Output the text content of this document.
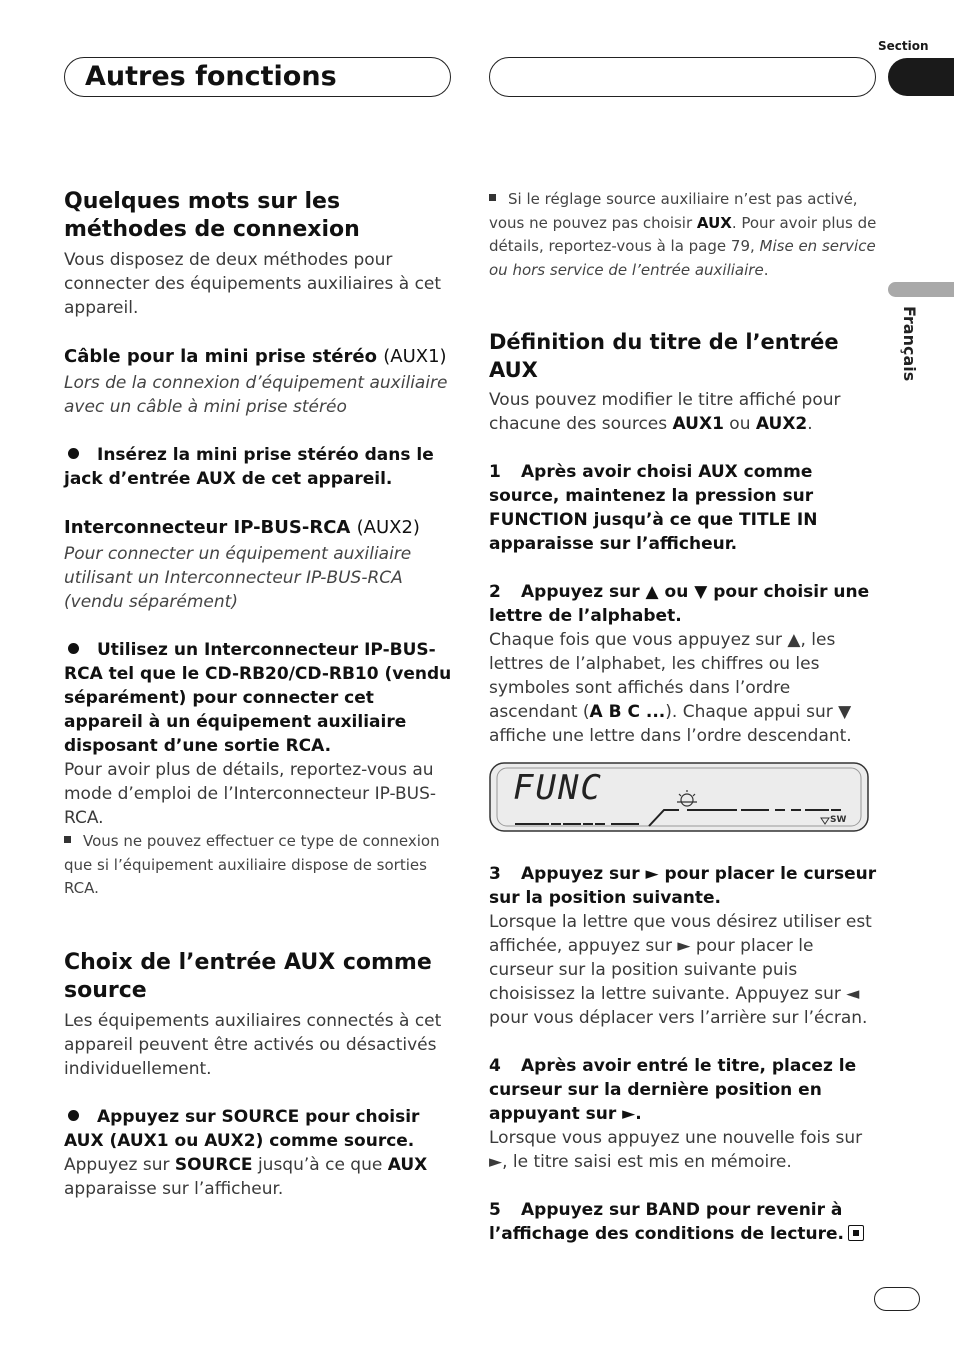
Autres fonctions
Section
Français
Quelques mots sur les méthodes de connexion
Vous disposez de deux méthodes pour connecter des équipements auxiliaires à cet appareil.
Câble pour la mini prise stéréo (AUX1)
Lors de la connexion d’équipement auxiliaire avec un câble à mini prise stéréo
Insérez la mini prise stéréo dans le jack d’entrée AUX de cet appareil.
Interconnecteur IP-BUS-RCA (AUX2)
Pour connecter un équipement auxiliaire utilisant un Interconnecteur IP-BUS-RCA (vendu séparément)
Utilisez un Interconnecteur IP-BUS-RCA tel que le CD-RB20/CD-RB10 (vendu séparément) pour connecter cet appareil à un équipement auxiliaire disposant d’une sortie RCA.
Pour avoir plus de détails, reportez-vous au mode d’emploi de l’Interconnecteur IP-BUS-RCA.
Vous ne pouvez effectuer ce type de connexion que si l’équipement auxiliaire dispose de sorties RCA.
Choix de l’entrée AUX comme source
Les équipements auxiliaires connectés à cet appareil peuvent être activés ou désactivés individuellement.
Appuyez sur SOURCE pour choisir AUX (AUX1 ou AUX2) comme source.
Appuyez sur SOURCE jusqu’à ce que AUX apparaisse sur l’afficheur.
Si le réglage source auxiliaire n’est pas activé, vous ne pouvez pas choisir AUX. Pour avoir plus de détails, reportez-vous à la page 79, Mise en service ou hors service de l’entrée auxiliaire.
Définition du titre de l’entrée AUX
Vous pouvez modifier le titre affiché pour chacune des sources AUX1 ou AUX2.
1 Après avoir choisi AUX comme source, maintenez la pression sur FUNCTION jusqu’à ce que TITLE IN apparaisse sur l’afficheur.
2 Appuyez sur ▲ ou ▼ pour choisir une lettre de l’alphabet.
Chaque fois que vous appuyez sur ▲, les lettres de l’alphabet, les chiffres ou les symboles sont affichés dans l’ordre ascendant (A B C ...). Chaque appui sur ▼ affiche une lettre dans l’ordre descendant.
FUNC
SW
3 Appuyez sur ► pour placer le curseur sur la position suivante.
Lorsque la lettre que vous désirez utiliser est affichée, appuyez sur ► pour placer le curseur sur la position suivante puis choisissez la lettre suivante. Appuyez sur ◄ pour vous déplacer vers l’arrière sur l’écran.
4 Après avoir entré le titre, placez le curseur sur la dernière position en appuyant sur ►.
Lorsque vous appuyez une nouvelle fois sur ►, le titre saisi est mis en mémoire.
5 Appuyez sur BAND pour revenir à l’affichage des conditions de lecture.
